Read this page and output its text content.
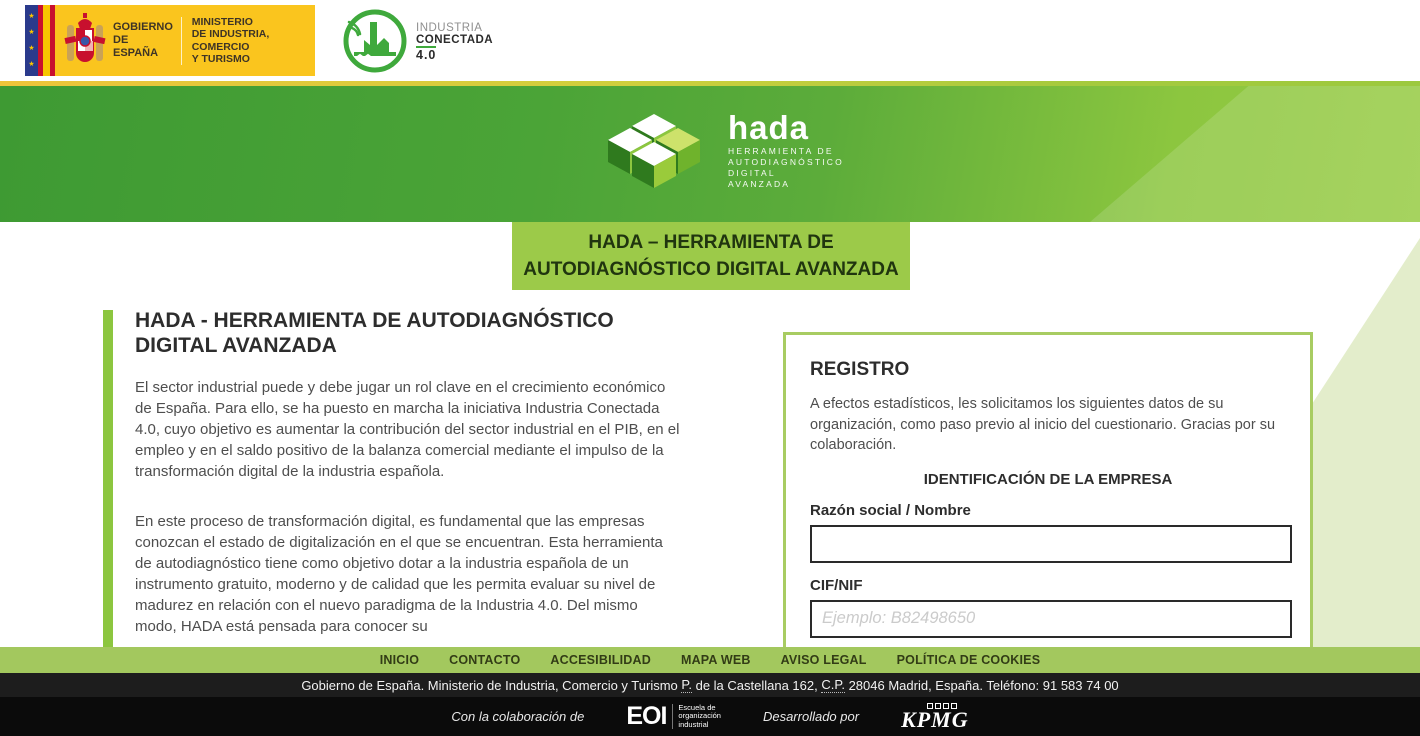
★
★
★
★
GOBIERNO
DE ESPAÑA
MINISTERIO
DE INDUSTRIA, COMERCIO
Y TURISMO
INDUSTRIA
CONECTADA
4.0
hada
HERRAMIENTA DE
AUTODIAGNÓSTICO
DIGITAL
AVANZADA
HADA – HERRAMIENTA DE AUTODIAGNÓSTICO DIGITAL AVANZADA
HADA - HERRAMIENTA DE AUTODIAGNÓSTICO DIGITAL AVANZADA

El sector industrial puede y debe jugar un rol clave en el crecimiento económico de España. Para ello, se ha puesto en marcha la iniciativa Industria Conectada 4.0, cuyo objetivo es aumentar la contribución del sector industrial en el PIB, en el empleo y en el saldo positivo de la balanza comercial mediante el impulso de la transformación digital de la industria española.

En este proceso de transformación digital, es fundamental que las empresas conozcan el estado de digitalización en el que se encuentran. Esta herramienta de autodiagnóstico tiene como objetivo dotar a la industria española de un instrumento gratuito, moderno y de calidad que les permita evaluar su nivel de madurez en relación con el nuevo paradigma de la Industria 4.0. Del mismo modo, HADA está pensada para conocer su

REGISTRO

A efectos estadísticos, les solicitamos los siguientes datos de su organización, como paso previo al inicio del cuestionario. Gracias por su colaboración.

IDENTIFICACIÓN DE LA EMPRESA
Razón social / Nombre
CIF/NIF
Ejemplo: B82498650
INICIO CONTACTO ACCESIBILIDAD MAPA WEB AVISO LEGAL POLÍTICA DE COOKIES
Gobierno de España. Ministerio de Industria, Comercio y Turismo P. de la Castellana 162, C.P. 28046 Madrid, España. Teléfono: 91 583 74 00
Con la colaboración de EOI Escuela de
organización
industrial
Desarrollado por KPMG
